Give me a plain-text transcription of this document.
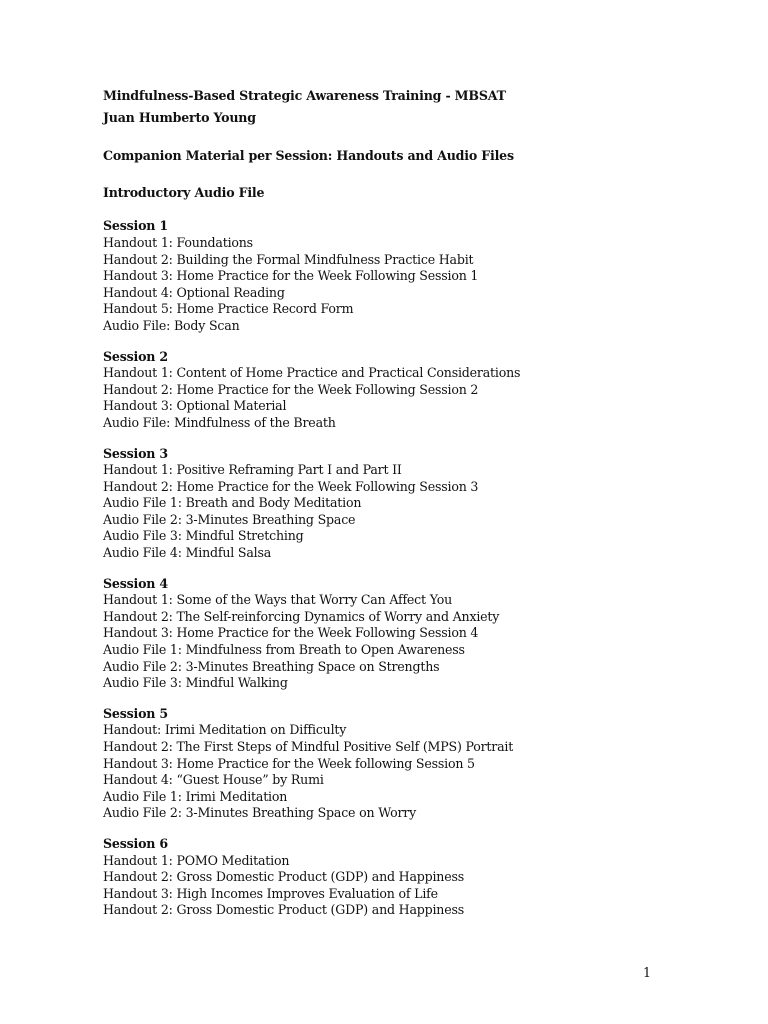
Mindfulness-Based Strategic Awareness Training - MBSAT
Juan Humberto Young
Companion Material per Session: Handouts and Audio Files
Introductory Audio File
Session 1
Handout 1: Foundations
Handout 2: Building the Formal Mindfulness Practice Habit
Handout 3: Home Practice for the Week Following Session 1
Handout 4: Optional Reading
Handout 5: Home Practice Record Form
Audio File: Body Scan
Session 2
Handout 1: Content of Home Practice and Practical Considerations
Handout 2: Home Practice for the Week Following Session 2
Handout 3: Optional Material
Audio File: Mindfulness of the Breath
Session 3
Handout 1: Positive Reframing Part I and Part II
Handout 2: Home Practice for the Week Following Session 3
Audio File 1: Breath and Body Meditation
Audio File 2: 3-Minutes Breathing Space
Audio File 3: Mindful Stretching
Audio File 4: Mindful Salsa
Session 4
Handout 1: Some of the Ways that Worry Can Affect You
Handout 2: The Self-reinforcing Dynamics of Worry and Anxiety
Handout 3: Home Practice for the Week Following Session 4
Audio File 1: Mindfulness from Breath to Open Awareness
Audio File 2: 3-Minutes Breathing Space on Strengths
Audio File 3: Mindful Walking
Session 5
Handout: Irimi Meditation on Difficulty
Handout 2: The First Steps of Mindful Positive Self (MPS) Portrait
Handout 3: Home Practice for the Week following Session 5
Handout 4: “Guest House” by Rumi
Audio File 1: Irimi Meditation
Audio File 2: 3-Minutes Breathing Space on Worry
Session 6
Handout 1: POMO Meditation
Handout 2: Gross Domestic Product (GDP) and Happiness
Handout 3: High Incomes Improves Evaluation of Life
Handout 2: Gross Domestic Product (GDP) and Happiness
1
